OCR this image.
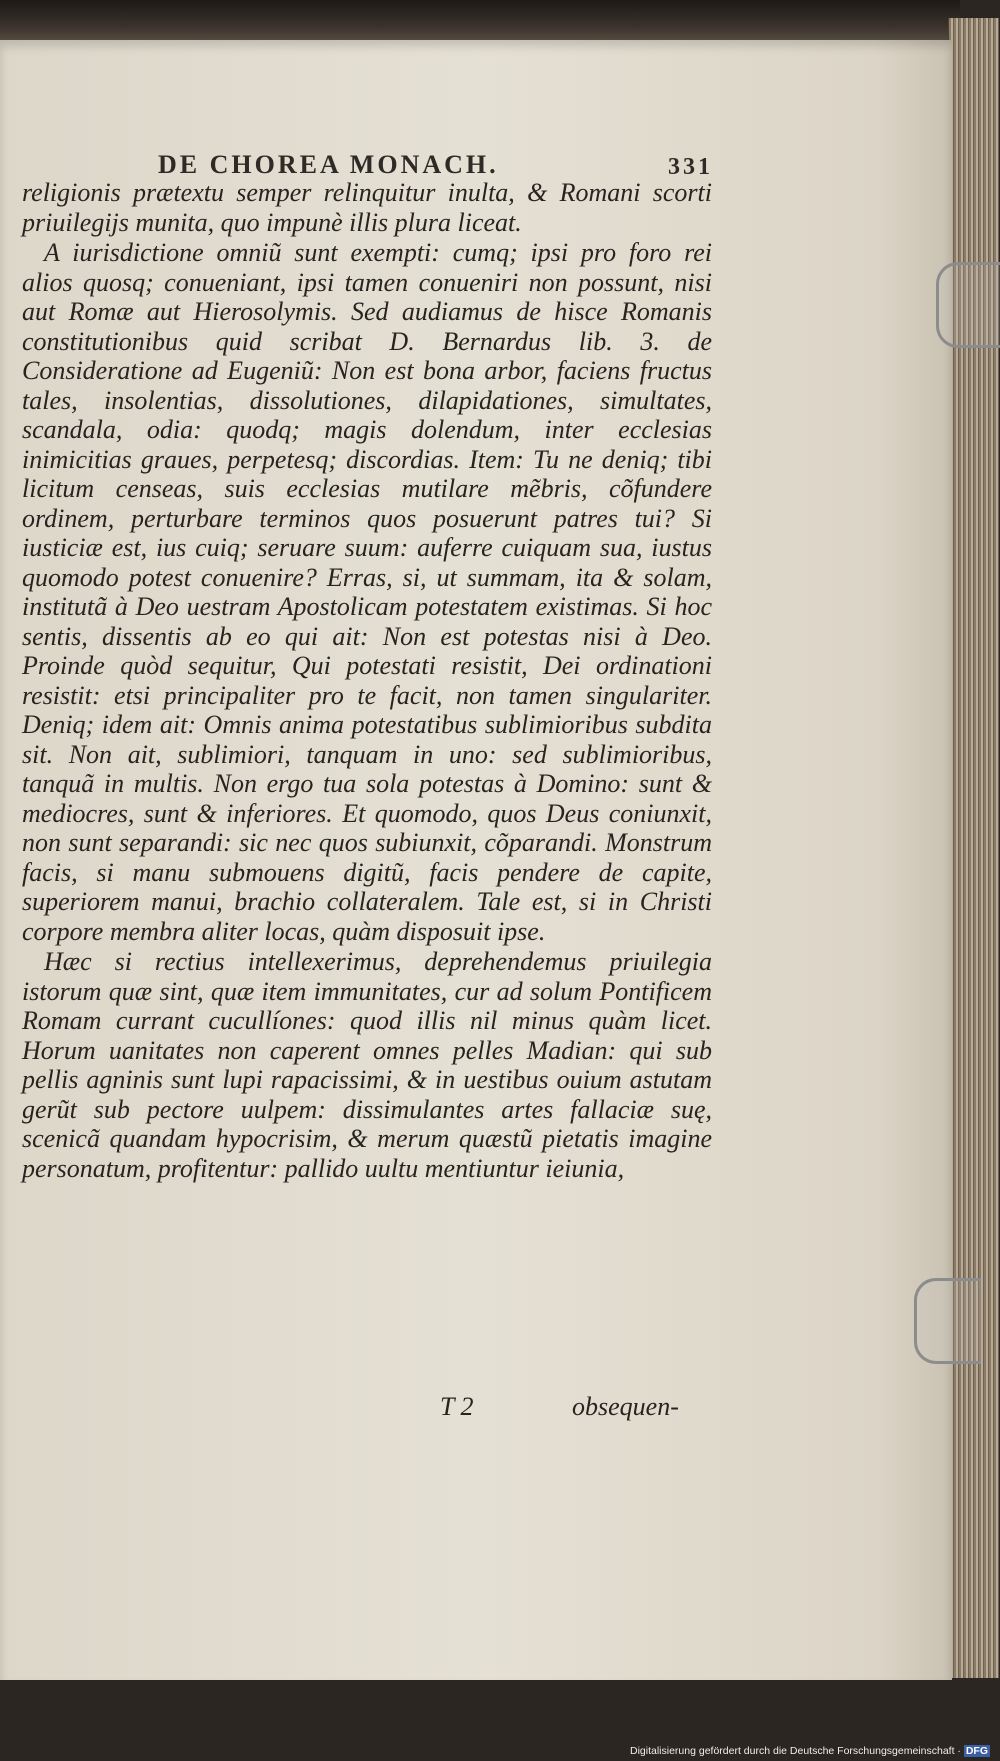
DE CHOREA MONACH.	331

religionis prætextu semper relinquitur inulta, & Romani scorti priuilegijs munita, quo impunè illis plura liceat.

A iurisdictione omniũ sunt exempti: cumq; ipsi pro foro rei alios quosq; conueniant, ipsi tamen conueniri non possunt, nisi aut Romæ aut Hierosolymis. Sed audiamus de hisce Romanis constitutionibus quid scribat D. Bernardus lib. 3. de Consideratione ad Eugeniũ: Non est bona arbor, faciens fructus tales, insolentias, dissolutiones, dilapidationes, simultates, scandala, odia: quodq; magis dolendum, inter ecclesias inimicitias graues, perpetesq; discordias. Item: Tu ne deniq; tibi licitum censeas, suis ecclesias mutilare mẽbris, cõfundere ordinem, perturbare terminos quos posuerunt patres tui? Si iusticiæ est, ius cuiq; seruare suum: auferre cuiquam sua, iustus quomodo potest conuenire? Erras, si, ut summam, ita & solam, institutã à Deo uestram Apostolicam potestatem existimas. Si hoc sentis, dissentis ab eo qui ait: Non est potestas nisi à Deo. Proinde quòd sequitur, Qui potestati resistit, Dei ordinationi resistit: etsi principaliter pro te facit, non tamen singulariter. Deniq; idem ait: Omnis anima potestatibus sublimioribus subdita sit. Non ait, sublimiori, tanquam in uno: sed sublimioribus, tanquã in multis. Non ergo tua sola potestas à Domino: sunt & mediocres, sunt & inferiores. Et quomodo, quos Deus coniunxit, non sunt separandi: sic nec quos subiunxit, cõparandi. Monstrum facis, si manu submouens digitũ, facis pendere de capite, superiorem manui, brachio collateralem. Tale est, si in Christi corpore membra aliter locas, quàm disposuit ipse.

Hæc si rectius intellexerimus, deprehendemus priuilegia istorum quæ sint, quæ item immunitates, cur ad solum Pontificem Romam currant cucullíones: quod illis nil minus quàm licet. Horum uanitates non caperent omnes pelles Madian: qui sub pellis agninis sunt lupi rapacissimi, & in uestibus ouium astutam gerũt sub pectore uulpem: dissimulantes artes fallaciæ suę, scenicã quandam hypocrisim, & merum quæstũ pietatis imagine personatum, profitentur: pallido uultu mentiuntur ieiunia,

T 2	obsequen-
Digitalisierung gefördert durch die Deutsche Forschungsgemeinschaft · DFG
